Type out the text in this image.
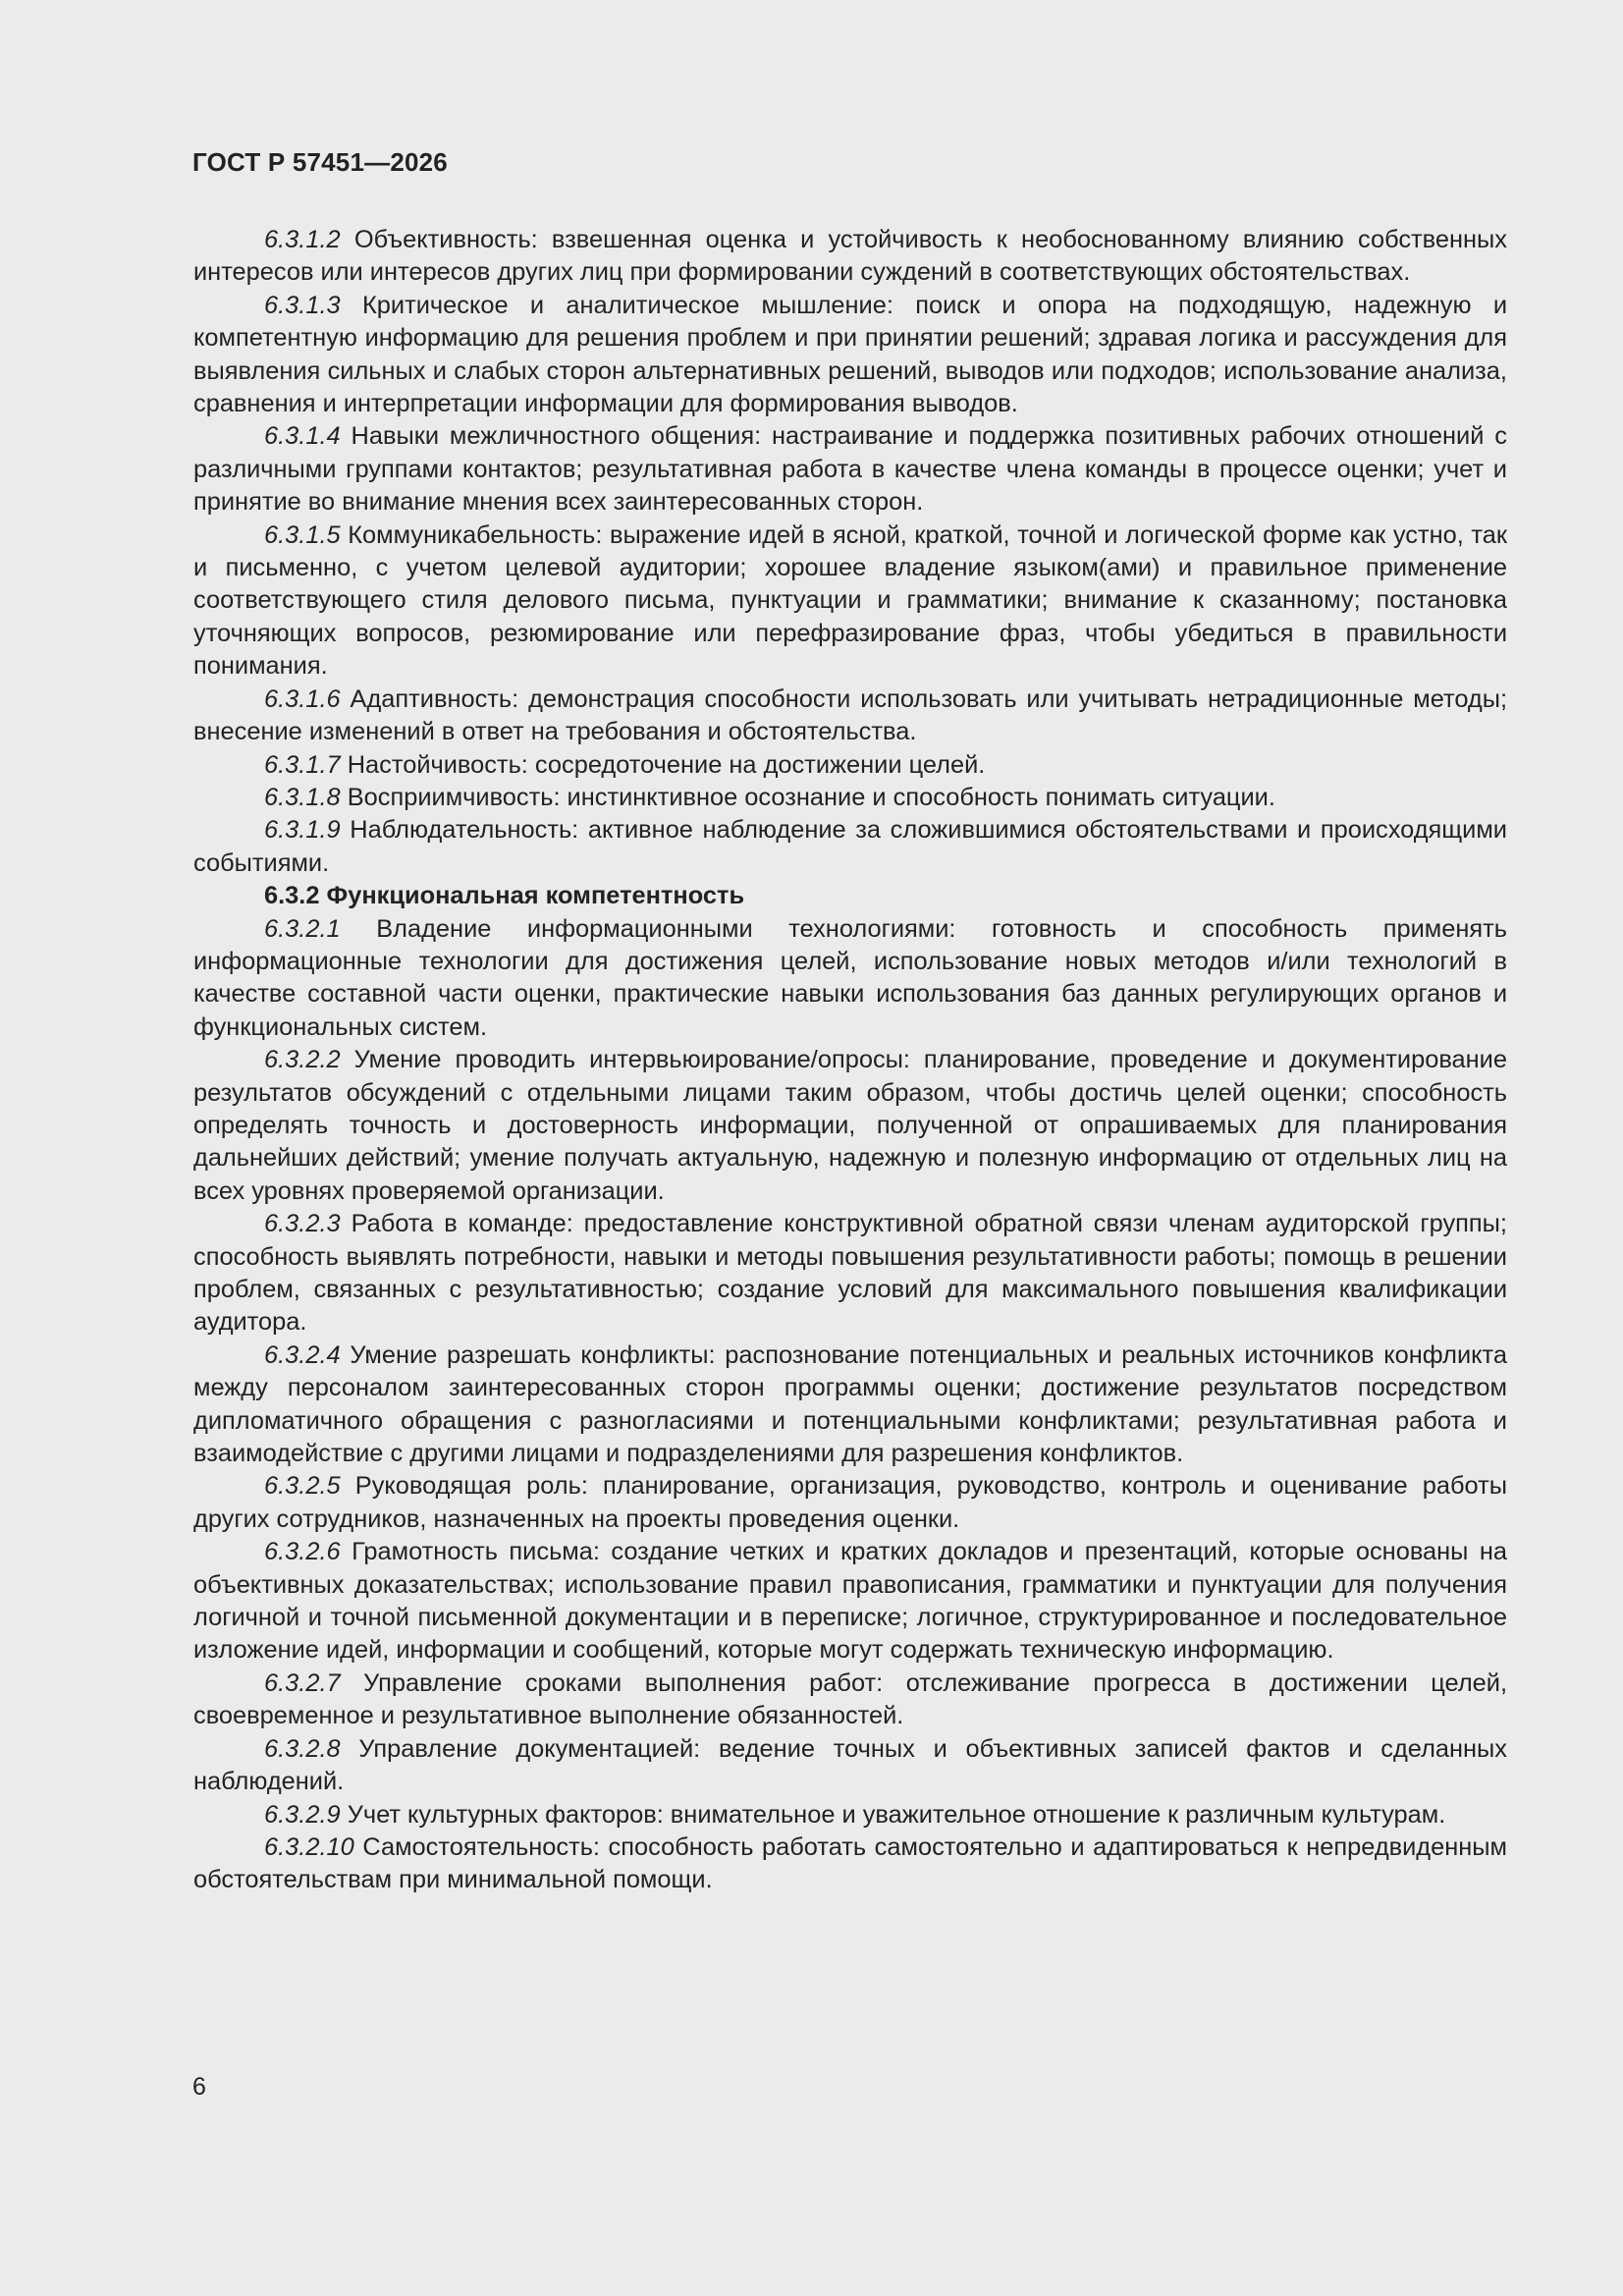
ГОСТ Р 57451—2026

6.3.1.2 Объективность: взвешенная оценка и устойчивость к необоснованному влиянию собственных интересов или интересов других лиц при формировании суждений в соответствующих обстоятельствах.

6.3.1.3 Критическое и аналитическое мышление: поиск и опора на подходящую, надежную и компетентную информацию для решения проблем и при принятии решений; здравая логика и рассуждения для выявления сильных и слабых сторон альтернативных решений, выводов или подходов; использование анализа, сравнения и интерпретации информации для формирования выводов.

6.3.1.4 Навыки межличностного общения: настраивание и поддержка позитивных рабочих отношений с различными группами контактов; результативная работа в качестве члена команды в процессе оценки; учет и принятие во внимание мнения всех заинтересованных сторон.

6.3.1.5 Коммуникабельность: выражение идей в ясной, краткой, точной и логической форме как устно, так и письменно, с учетом целевой аудитории; хорошее владение языком(ами) и правильное применение соответствующего стиля делового письма, пунктуации и грамматики; внимание к сказанному; постановка уточняющих вопросов, резюмирование или перефразирование фраз, чтобы убедиться в правильности понимания.

6.3.1.6 Адаптивность: демонстрация способности использовать или учитывать нетрадиционные методы; внесение изменений в ответ на требования и обстоятельства.

6.3.1.7 Настойчивость: сосредоточение на достижении целей.

6.3.1.8 Восприимчивость: инстинктивное осознание и способность понимать ситуации.

6.3.1.9 Наблюдательность: активное наблюдение за сложившимися обстоятельствами и происходящими событиями.

6.3.2 Функциональная компетентность

6.3.2.1 Владение информационными технологиями: готовность и способность применять информационные технологии для достижения целей, использование новых методов и/или технологий в качестве составной части оценки, практические навыки использования баз данных регулирующих органов и функциональных систем.

6.3.2.2 Умение проводить интервьюирование/опросы: планирование, проведение и документирование результатов обсуждений с отдельными лицами таким образом, чтобы достичь целей оценки; способность определять точность и достоверность информации, полученной от опрашиваемых для планирования дальнейших действий; умение получать актуальную, надежную и полезную информацию от отдельных лиц на всех уровнях проверяемой организации.

6.3.2.3 Работа в команде: предоставление конструктивной обратной связи членам аудиторской группы; способность выявлять потребности, навыки и методы повышения результативности работы; помощь в решении проблем, связанных с результативностью; создание условий для максимального повышения квалификации аудитора.

6.3.2.4 Умение разрешать конфликты: распознование потенциальных и реальных источников конфликта между персоналом заинтересованных сторон программы оценки; достижение результатов посредством дипломатичного обращения с разногласиями и потенциальными конфликтами; результативная работа и взаимодействие с другими лицами и подразделениями для разрешения конфликтов.

6.3.2.5 Руководящая роль: планирование, организация, руководство, контроль и оценивание работы других сотрудников, назначенных на проекты проведения оценки.

6.3.2.6 Грамотность письма: создание четких и кратких докладов и презентаций, которые основаны на объективных доказательствах; использование правил правописания, грамматики и пунктуации для получения логичной и точной письменной документации и в переписке; логичное, структурированное и последовательное изложение идей, информации и сообщений, которые могут содержать техническую информацию.

6.3.2.7 Управление сроками выполнения работ: отслеживание прогресса в достижении целей, своевременное и результативное выполнение обязанностей.

6.3.2.8 Управление документацией: ведение точных и объективных записей фактов и сделанных наблюдений.

6.3.2.9 Учет культурных факторов: внимательное и уважительное отношение к различным культурам.

6.3.2.10 Самостоятельность: способность работать самостоятельно и адаптироваться к непредвиденным обстоятельствам при минимальной помощи.

6
